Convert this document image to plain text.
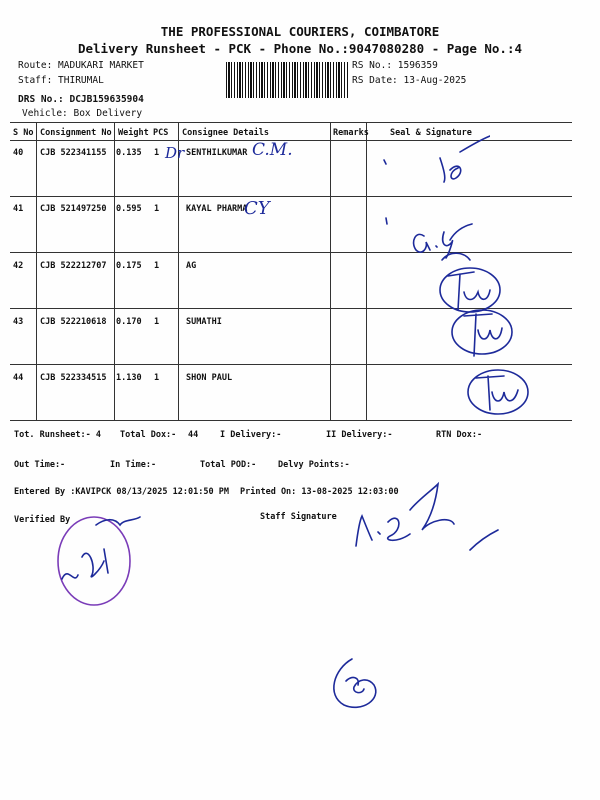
THE PROFESSIONAL COURIERS, COIMBATORE
Delivery Runsheet - PCK - Phone No.:9047080280 - Page No.:4
Route: MADUKARI MARKET
Staff: THIRUMAL
DRS No.: DCJB159635904
Vehicle: Box Delivery
RS No.: 1596359
RS Date: 13-Aug-2025
S No Consignment No Weight PCS Consignee Details	Remarks Seal & Signature
40 CJB 522341155 0.135 1	SENTHILKUMAR
Dr	C.M.
41 CJB 521497250 0.595 1	KAYAL PHARMA
CY
42 CJB 522212707 0.175 1	AG
43 CJB 522210618 0.170 1	SUMATHI
44 CJB 522334515 1.130 1	SHON PAUL
Tot. Runsheet:- 4 Total Dox:- 44	I Delivery:-	II Delivery:-	RTN Dox:-
Out Time:-	In Time:-	Total POD:-	Delvy Points:-
Entered By :KAVIPCK 08/13/2025 12:01:50 PM Printed On: 13-08-2025 12:03:00
Verified By	Staff Signature
